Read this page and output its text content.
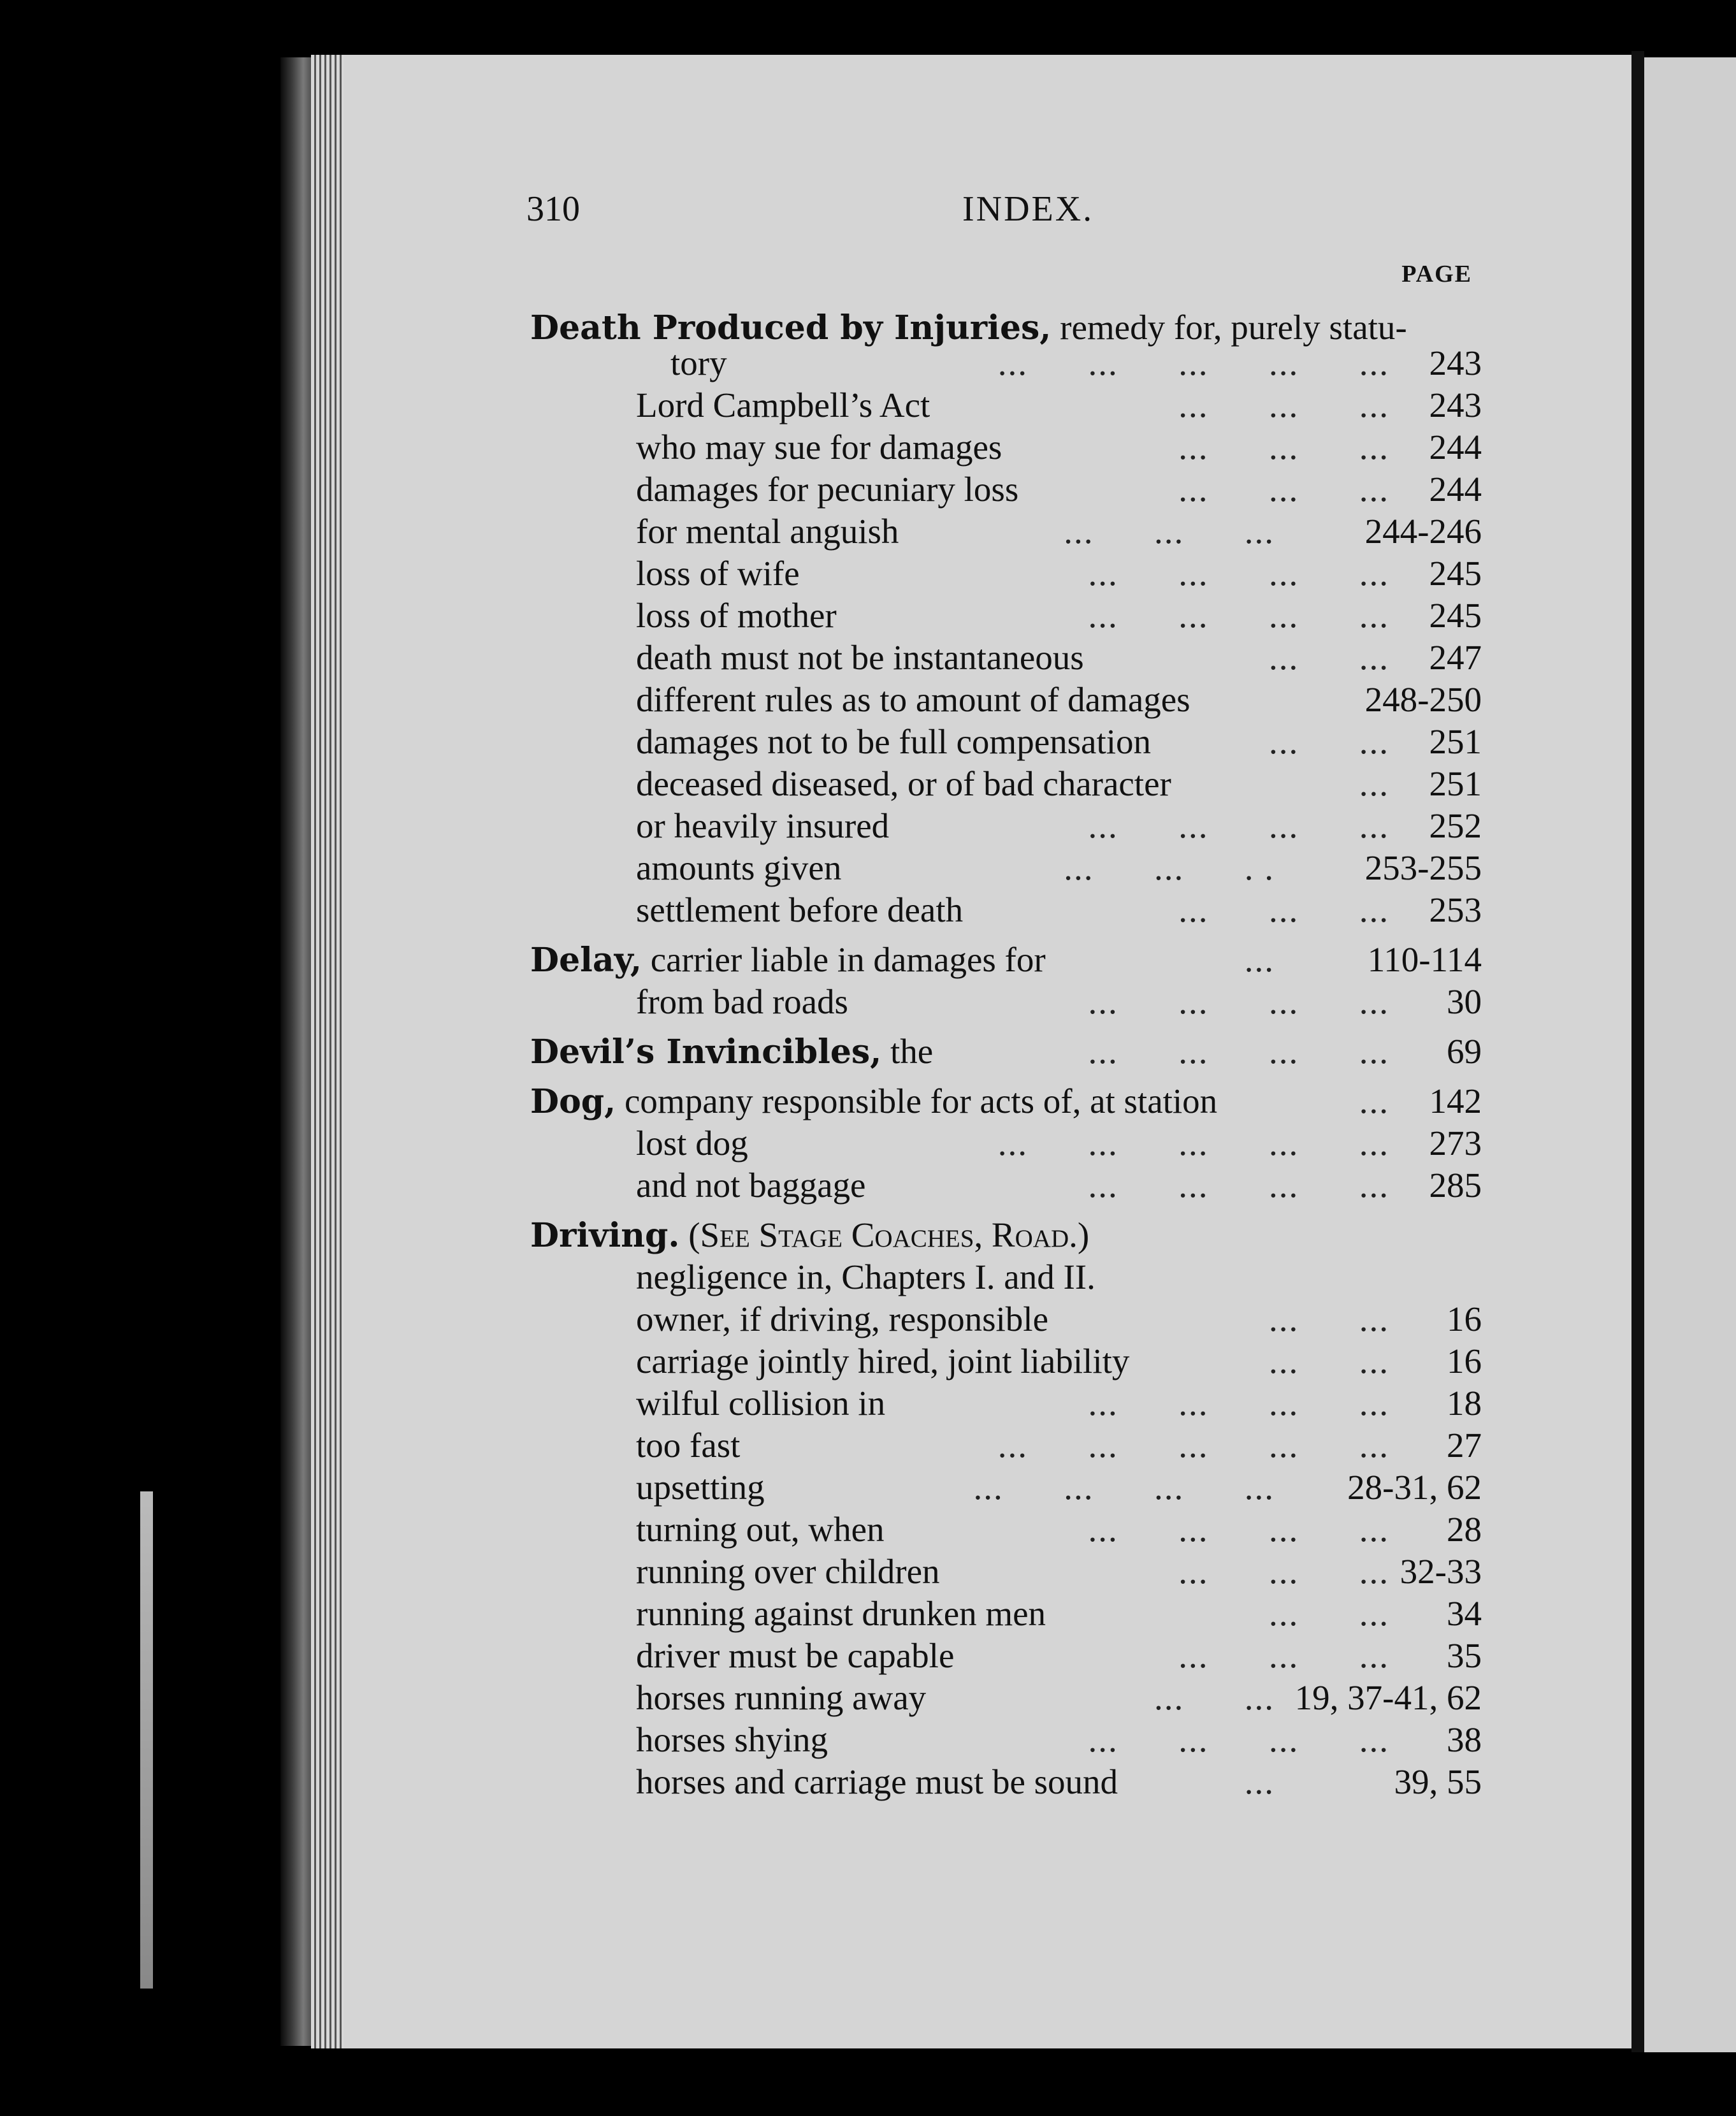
310	INDEX.
PAGE
Death Produced by Injuries, remedy for, purely statu-
tory	...      ...      ...      ...      ... 243
Lord Campbell’s Act	...      ...      ... 243
who may sue for damages	...      ...      ... 244
damages for pecuniary loss	...      ...      ... 244
for mental anguish	...      ...      ...	244-246
loss of wife	...      ...      ...      ... 245
loss of mother	...      ...      ...      ... 245
death must not be instantaneous	...      ... 247
different rules as to amount of damages	248-250
damages not to be full compensation	...      ... 251
deceased diseased, or of bad character	... 251
or heavily insured	...      ...      ...      ... 252
amounts given	...      ...      . .	253-255
settlement before death	...      ...      ... 253
Delay, carrier liable in damages for	...	110-114
from bad roads	...      ...      ...      ... 30
Devil’s Invincibles, the	...      ...      ...      ... 69
Dog, company responsible for acts of, at station	... 142
lost dog	...      ...      ...      ...      ... 273
and not baggage	...      ...      ...      ... 285
Driving. (See Stage Coaches, Road.)
negligence in, Chapters I. and II.
owner, if driving, responsible	...      ... 16
carriage jointly hired, joint liability	...      ... 16
wilful collision in	...      ...      ...      ... 18
too fast	...      ...      ...      ...      ... 27
upsetting	...      ...      ...      ... 28-31, 62
turning out, when	...      ...      ...      ... 28
running over children	...      ...      ... 32-33
running against drunken men	...      ... 34
driver must be capable	...      ...      ... 35
horses running away	...      ... 19, 37-41, 62
horses shying	...      ...      ...      ... 38
horses and carriage must be sound	...	39, 55
